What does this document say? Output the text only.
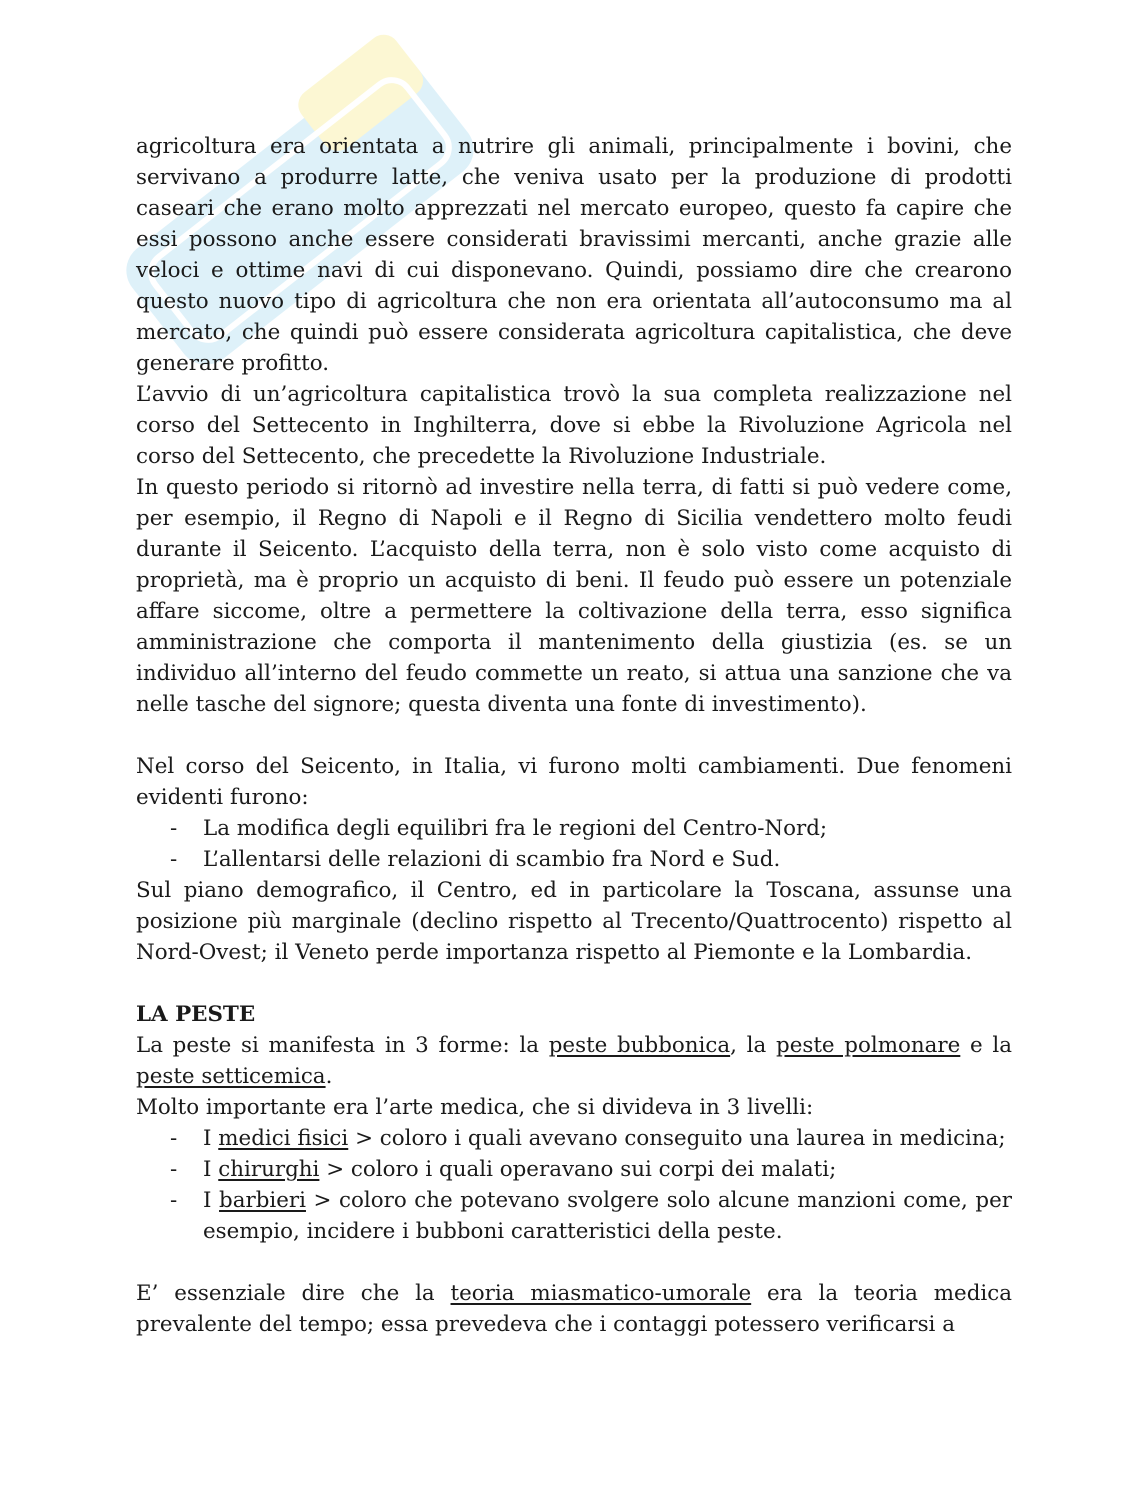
agricoltura era orientata a nutrire gli animali, principalmente i bovini, che servivano a produrre latte, che veniva usato per la produzione di prodotti caseari che erano molto apprezzati nel mercato europeo, questo fa capire che essi possono anche essere considerati bravissimi mercanti, anche grazie alle veloci e ottime navi di cui disponevano. Quindi, possiamo dire che crearono questo nuovo tipo di agricoltura che non era orientata all’autoconsumo ma al mercato, che quindi può essere considerata agricoltura capitalistica, che deve generare profitto.

L’avvio di un’agricoltura capitalistica trovò la sua completa realizzazione nel corso del Settecento in Inghilterra, dove si ebbe la Rivoluzione Agricola nel corso del Settecento, che precedette la Rivoluzione Industriale.

In questo periodo si ritornò ad investire nella terra, di fatti si può vedere come, per esempio, il Regno di Napoli e il Regno di Sicilia vendettero molto feudi durante il Seicento. L’acquisto della terra, non è solo visto come acquisto di proprietà, ma è proprio un acquisto di beni. Il feudo può essere un potenziale affare siccome, oltre a permettere la coltivazione della terra, esso significa amministrazione che comporta il mantenimento della giustizia (es. se un individuo all’interno del feudo commette un reato, si attua una sanzione che va nelle tasche del signore; questa diventa una fonte di investimento).

Nel corso del Seicento, in Italia, vi furono molti cambiamenti. Due fenomeni evidenti furono:

- La modifica degli equilibri fra le regioni del Centro-Nord;
- L’allentarsi delle relazioni di scambio fra Nord e Sud.

Sul piano demografico, il Centro, ed in particolare la Toscana, assunse una posizione più marginale (declino rispetto al Trecento/Quattrocento) rispetto al Nord-Ovest; il Veneto perde importanza rispetto al Piemonte e la Lombardia.

LA PESTE

La peste si manifesta in 3 forme: la peste bubbonica, la peste polmonare e la peste setticemica.

Molto importante era l’arte medica, che si divideva in 3 livelli:

- I medici fisici > coloro i quali avevano conseguito una laurea in medicina;
- I chirurghi > coloro i quali operavano sui corpi dei malati;
- I barbieri > coloro che potevano svolgere solo alcune manzioni come, per esempio, incidere i bubboni caratteristici della peste.

E’ essenziale dire che la teoria miasmatico-umorale era la teoria medica prevalente del tempo; essa prevedeva che i contaggi potessero verificarsi a
